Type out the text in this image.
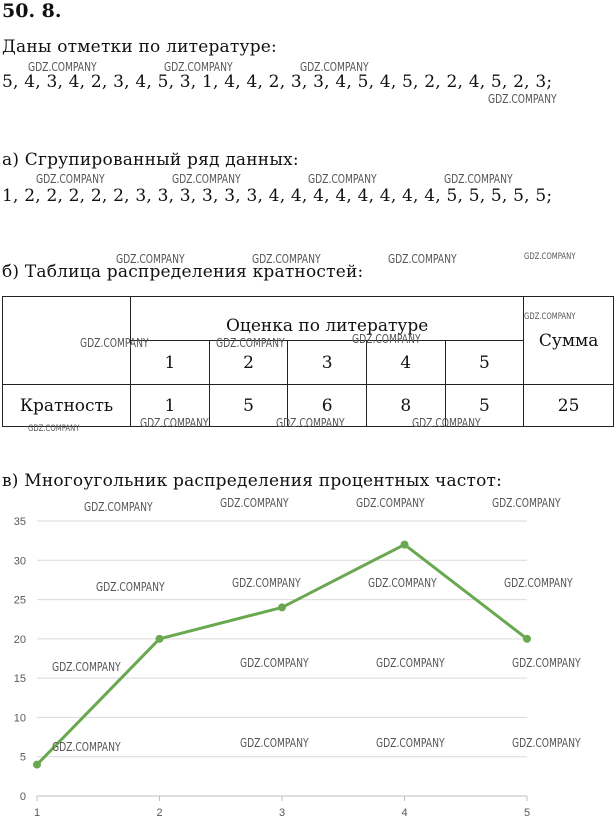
50. 8.
Даны отметки по литературе:
5, 4, 3, 4, 2, 3, 4, 5, 3, 1, 4, 4, 2, 3, 3, 4, 5, 4, 5, 2, 2, 4, 5, 2, 3;
а) Сгрупированный ряд данных:
1, 2, 2, 2, 2, 2, 3, 3, 3, 3, 3, 3, 4, 4, 4, 4, 4, 4, 4, 4, 5, 5, 5, 5, 5;
б) Таблица распределения кратностей:
	Оценка по литературе					Сумма
	1	2	3	4	5	
Кратность	1	5	6	8	5	25
в) Многоугольник распределения процентных частот:
0
5
10
15
20
25
30
35
1	2	3	4	5
GDZ.COMPANY	GDZ.COMPANY	GDZ.COMPANY
GDZ.COMPANY
GDZ.COMPANY	GDZ.COMPANY	GDZ.COMPANY	GDZ.COMPANY
GDZ.COMPANY	GDZ.COMPANY	GDZ.COMPANY	GDZ.COMPANY
GDZ.COMPANY
GDZ.COMPANY	GDZ.COMPANY	GDZ.COMPANY
GDZ.COMPANY	GDZ.COMPANY	GDZ.COMPANY
GDZ.COMPANY
GDZ.COMPANY	GDZ.COMPANY	GDZ.COMPANY	GDZ.COMPANY
GDZ.COMPANY	GDZ.COMPANY	GDZ.COMPANY	GDZ.COMPANY
GDZ.COMPANY	GDZ.COMPANY	GDZ.COMPANY	GDZ.COMPANY
GDZ.COMPANY	GDZ.COMPANY	GDZ.COMPANY	GDZ.COMPANY
